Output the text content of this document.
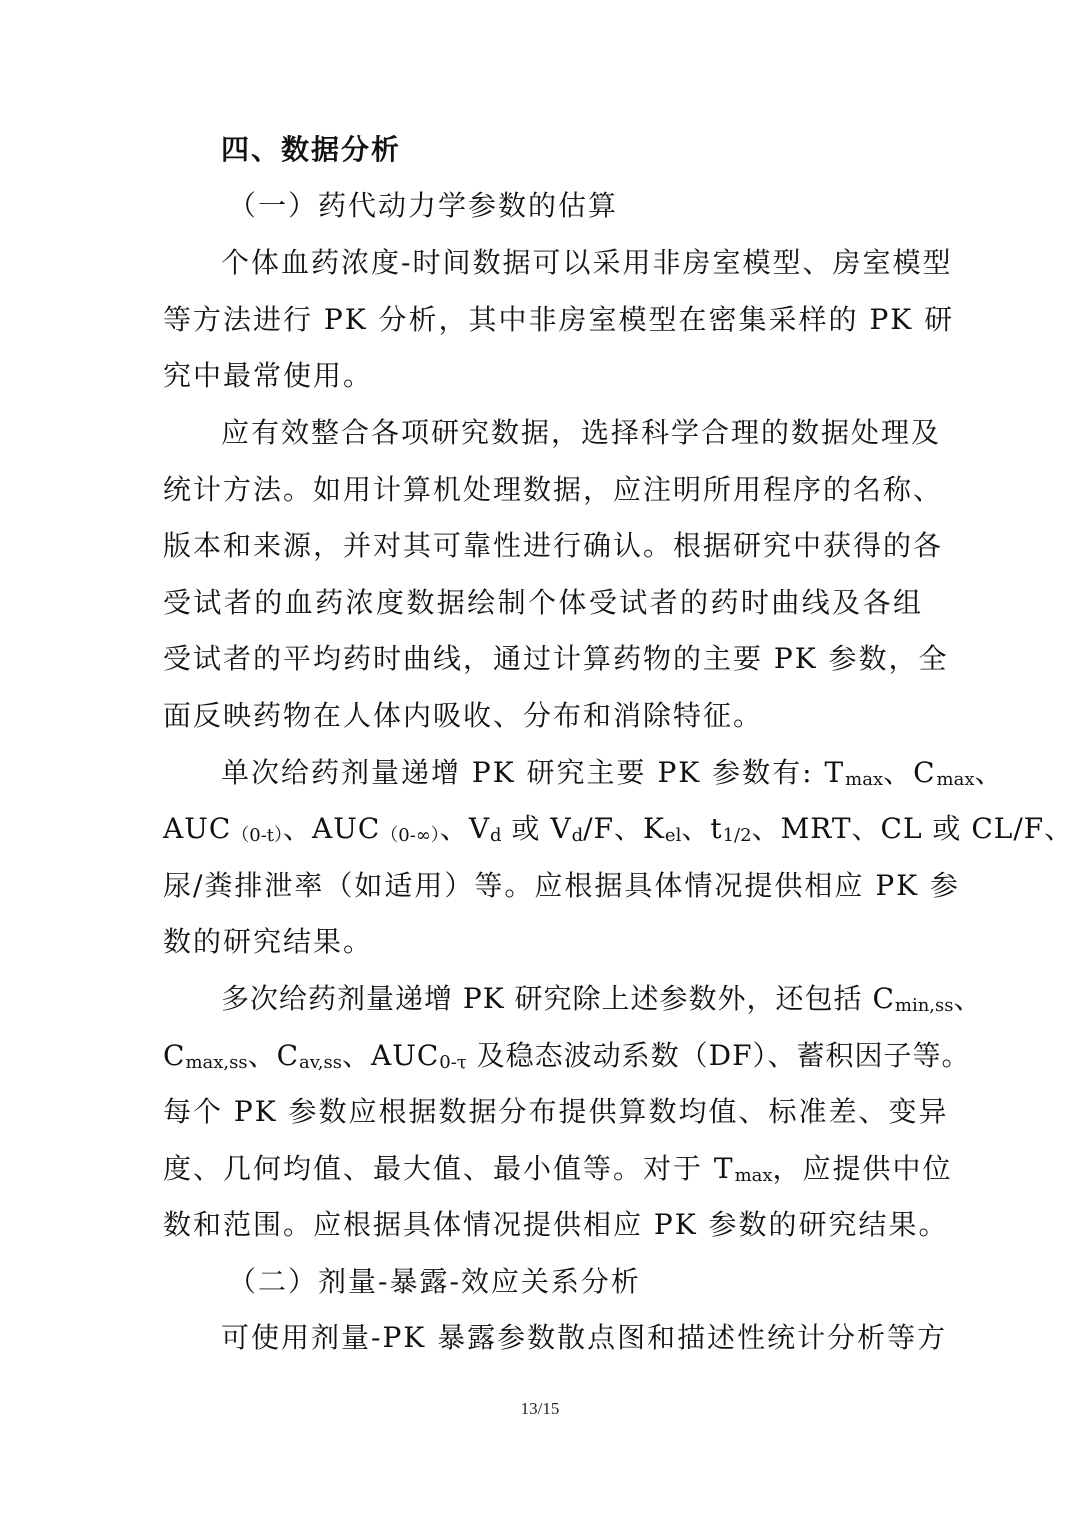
四、数据分析
（一）药代动力学参数的估算
个体血药浓度-时间数据可以采用非房室模型、房室模型
等方法进行 PK 分析，其中非房室模型在密集采样的 PK 研
究中最常使用。
应有效整合各项研究数据，选择科学合理的数据处理及
统计方法。如用计算机处理数据，应注明所用程序的名称、
版本和来源，并对其可靠性进行确认。根据研究中获得的各
受试者的血药浓度数据绘制个体受试者的药时曲线及各组
受试者的平均药时曲线，通过计算药物的主要 PK 参数，全
面反映药物在人体内吸收、分布和消除特征。
单次给药剂量递增 PK 研究主要 PK 参数有: Tmax、Cmax、
AUC（0-t）、AUC（0-∞）、Vd 或 Vd/F、Kel、t1/2、MRT、CL 或 CL/F、
尿/粪排泄率（如适用）等。应根据具体情况提供相应 PK 参
数的研究结果。
多次给药剂量递增 PK 研究除上述参数外，还包括 Cmin,ss、
Cmax,ss、Cav,ss、AUC0-τ 及稳态波动系数（DF）、蓄积因子等。
每个 PK 参数应根据数据分布提供算数均值、标准差、变异
度、几何均值、最大值、最小值等。对于 Tmax，应提供中位
数和范围。应根据具体情况提供相应 PK 参数的研究结果。
（二）剂量-暴露-效应关系分析
可使用剂量-PK 暴露参数散点图和描述性统计分析等方
13/15
